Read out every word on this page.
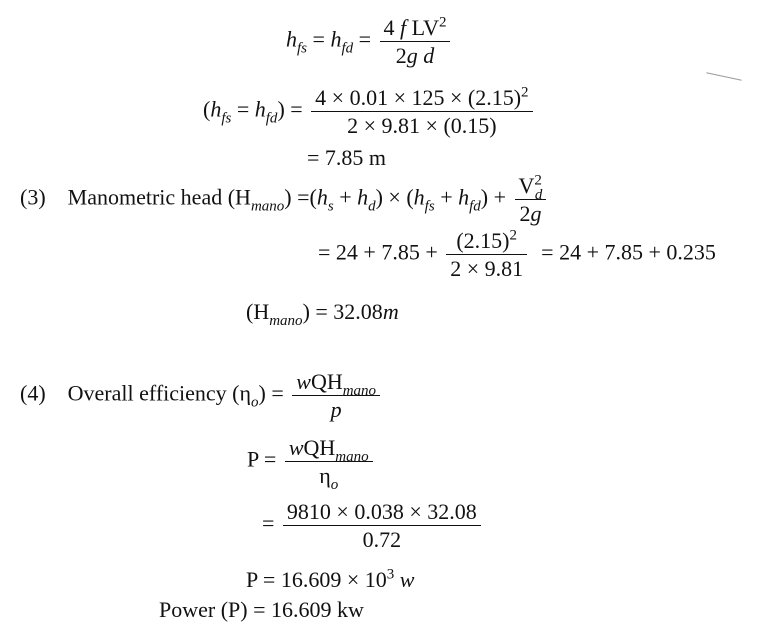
$h_{fs} = h_{fd} = \frac{4 f LV^2}{\text{2g d}}$
$(h_{fs} = h_{fd}) = \frac{4 \times 0.01 \times 125 \times (2.15)^2}{2 \times 9.81 \times (0.15)}$
= 7.85 m
(3) Manometric head $(H_{mano}) =(h_s + h_d) \times (h_{fs} + h_{fd}) + \frac{V^2_d}{2g}$
= $24 + 7.85 + \frac{(2.15)^2}{2 \times 9.81} = 24 + 7.85 + 0.235$
$(H_{mano}) = 32.08m$
(4) Overall efficiency $(\eta_o) = \frac{wQH_{mano}}{p}$
$P = \frac{wQH_{mano}}{\eta_o}$
= $\frac{9810 \times 0.038 \times 32.08}{0.72}$
$P = 16.609 \times 10^3$ w
Power (P) = 16.609 kw
